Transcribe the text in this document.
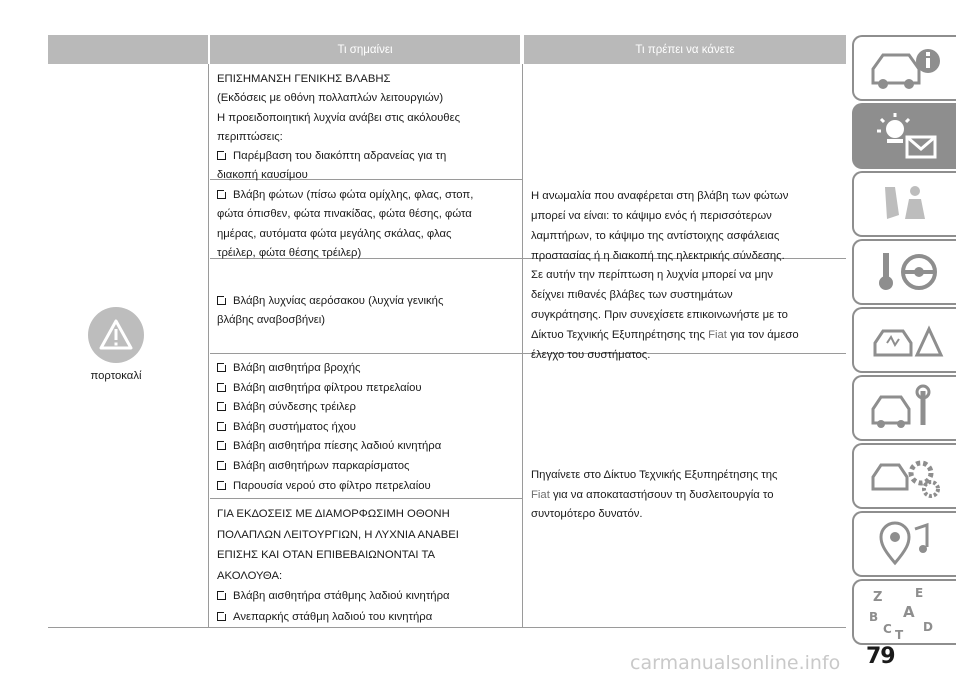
Τι σημαίνει	Τι πρέπει να κάνετε
πορτοκαλί

ΕΠΙΣΗΜΑΝΣΗ ΓΕΝΙΚΗΣ ΒΛΑΒΗΣ

(Εκδόσεις με οθόνη πολλαπλών λειτουργιών)

Η προειδοποιητική λυχνία ανάβει στις ακόλουθες

περιπτώσεις:

Παρέμβαση του διακόπτη αδρανείας για τη

διακοπή καυσίμου

Βλάβη φώτων (πίσω φώτα ομίχλης, φλας, στοπ,

φώτα όπισθεν, φώτα πινακίδας, φώτα θέσης, φώτα

ημέρας, αυτόματα φώτα μεγάλης σκάλας, φλας

τρέιλερ, φώτα θέσης τρέιλερ)

Η ανωμαλία που αναφέρεται στη βλάβη των φώτων

μπορεί να είναι: το κάψιμο ενός ή περισσότερων

λαμπτήρων, το κάψιμο της αντίστοιχης ασφάλειας

προστασίας ή η διακοπή της ηλεκτρικής σύνδεσης.

Βλάβη λυχνίας αερόσακου (λυχνία γενικής

βλάβης αναβοσβήνει)

Σε αυτήν την περίπτωση η λυχνία μπορεί να μην

δείχνει πιθανές βλάβες των συστημάτων

συγκράτησης. Πριν συνεχίσετε επικοινωνήστε με το

Δίκτυο Τεχνικής Εξυπηρέτησης της Fiat για τον άμεσο

έλεγχο του συστήματος.

Βλάβη αισθητήρα βροχής

Βλάβη αισθητήρα φίλτρου πετρελαίου

Βλάβη σύνδεσης τρέιλερ

Βλάβη συστήματος ήχου

Βλάβη αισθητήρα πίεσης λαδιού κινητήρα

Βλάβη αισθητήρων παρκαρίσματος

Παρουσία νερού στο φίλτρο πετρελαίου

Πηγαίνετε στο Δίκτυο Τεχνικής Εξυπηρέτησης της

Fiat για να αποκαταστήσουν τη δυσλειτουργία το

συντομότερο δυνατόν.

ΓΙΑ ΕΚΔΟΣΕΙΣ ΜΕ ΔΙΑΜΟΡΦΩΣΙΜΗ ΟΘΟΝΗ

ΠΟΛΑΠΛΩΝ ΛΕΙΤΟΥΡΓΙΩΝ, Η ΛΥΧΝΙΑ ΑΝΑΒΕΙ

ΕΠΙΣΗΣ ΚΑΙ ΟΤΑΝ ΕΠΙΒΕΒΑΙΩΝΟΝΤΑΙ ΤΑ

ΑΚΟΛΟΥΘΑ:

Βλάβη αισθητήρα στάθμης λαδιού κινητήρα

Ανεπαρκής στάθμη λαδιού του κινητήρα

Z	E
A
B
C T
D
carmanualsonline.info 79
